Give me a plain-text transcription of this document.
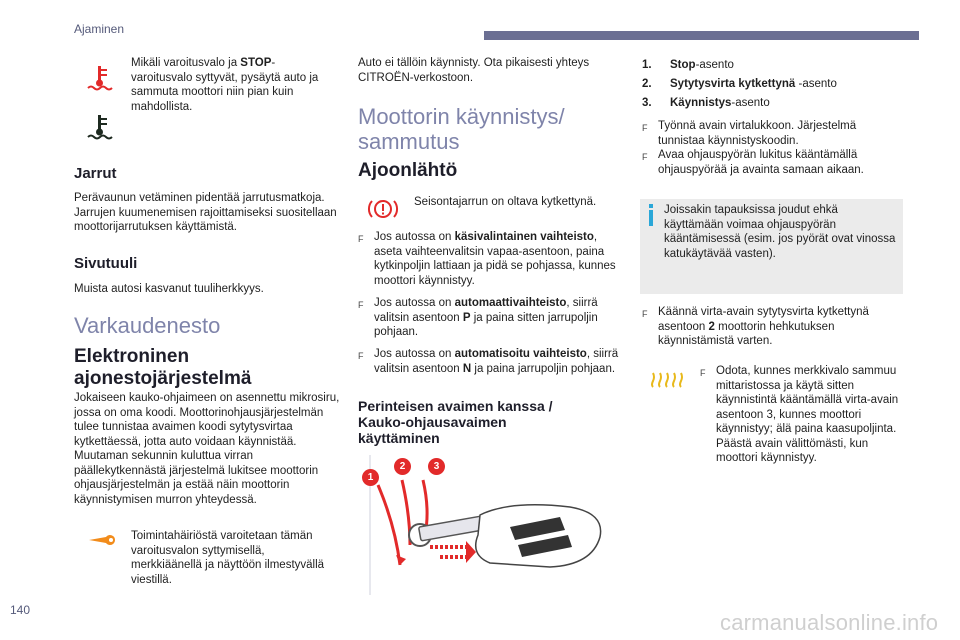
Ajaminen
Mikäli varoitusvalo ja STOP-varoitusvalo syttyvät, pysäytä auto ja sammuta moottori niin pian kuin mahdollista.
Jarrut
Perävaunun vetäminen pidentää jarrutusmatkoja. Jarrujen kuumenemisen rajoittamiseksi suositellaan moottorijarrutuksen käyttämistä.
Sivutuuli
Muista autosi kasvanut tuuliherkkyys.
Varkaudenesto
Elektroninen
ajonestojärjestelmä
Jokaiseen kauko-ohjaimeen on asennettu mikrosiru, jossa on oma koodi. Moottorinohjausjärjestelmän tulee tunnistaa avaimen koodi sytytysvirtaa kytkettäessä, jotta auto voidaan käynnistää. Muutaman sekunnin kuluttua virran päällekytkennästä järjestelmä lukitsee moottorin ohjausjärjestelmän ja estää näin moottorin käynnistymisen murron yhteydessä.
Toimintahäiriöstä varoitetaan tämän varoitusvalon syttymisellä, merkkiäänellä ja näyttöön ilmestyvällä viestillä.
Auto ei tällöin käynnisty. Ota pikaisesti yhteys CITROËN-verkostoon.
Moottorin käynnistys/
sammutus
Ajoonlähtö
Seisontajarrun on oltava kytkettynä.
F Jos autossa on käsivalintainen vaihteisto, aseta vaihteenvalitsin vapaa-asentoon, paina kytkinpoljin lattiaan ja pidä se pohjassa, kunnes moottori käynnistyy.
F Jos autossa on automaattivaihteisto, siirrä valitsin asentoon P ja paina sitten jarrupoljin pohjaan.
F Jos autossa on automatisoitu vaihteisto, siirrä valitsin asentoon N ja paina jarrupoljin pohjaan.
Perinteisen avaimen kanssa /
Kauko-ohjausavaimen
käyttäminen
1
2	3
1. Stop-asento
2. Sytytysvirta kytkettynä -asento
3. Käynnistys-asento
F Työnnä avain virtalukkoon. Järjestelmä tunnistaa käynnistyskoodin.
F Avaa ohjauspyörän lukitus kääntämällä ohjauspyörää ja avainta samaan aikaan.
Joissakin tapauksissa joudut ehkä käyttämään voimaa ohjauspyörän kääntämisessä (esim. jos pyörät ovat vinossa katukäytävää vasten).
F Käännä virta-avain sytytysvirta kytkettynä asentoon 2 moottorin hehkutuksen käynnistämistä varten.
F Odota, kunnes merkkivalo sammuu mittaristossa ja käytä sitten käynnistintä kääntämällä virta-avain asentoon 3, kunnes moottori käynnistyy; älä paina kaasupoljinta. Päästä avain välittömästi, kun moottori käynnistyy.
140	carmanualsonline.info
